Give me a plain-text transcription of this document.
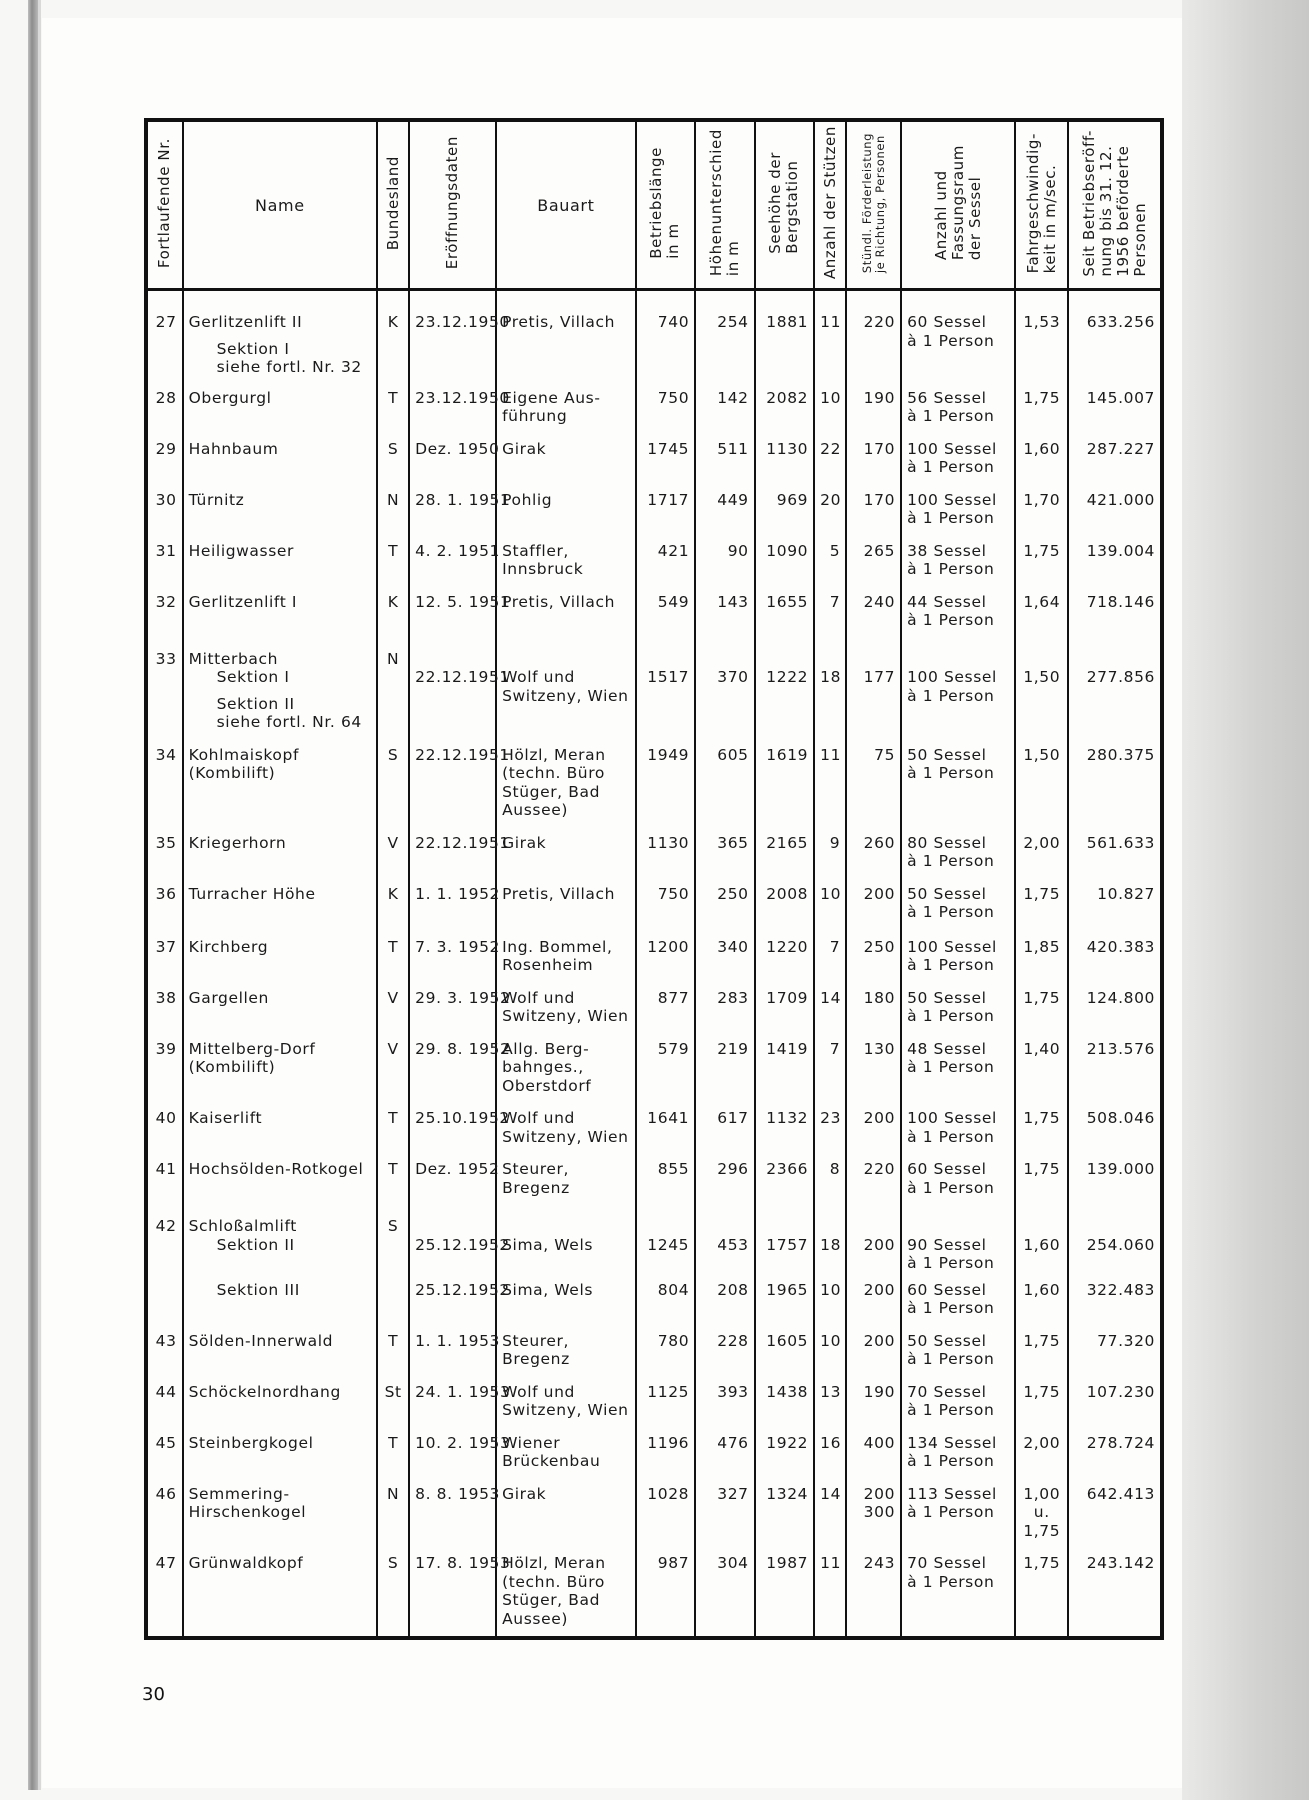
Fortlaufende Nr.	Name	Bundesland	Eröffnungsdaten	Bauart	Betriebslänge
in m	Höhenunterschied
in m	Seehöhe der
Bergstation	Anzahl der Stützen	Stündl. Förderleistung
je Richtung, Personen	Anzahl und
Fassungsraum
der Sessel	Fahrgeschwindig-
keit in m/sec.	Seit Betriebseröff-
nung bis 31. 12.
1956 beförderte
Personen

27	Gerlitzenlift II
Sektion I
siehe fortl. Nr. 32	K	23.12.1950	Pretis, Villach	740	254	1881	11	220	60 Sessel
à 1 Person	1,53	633.256

28	Obergurgl	T	23.12.1950	Eigene Aus-
führung	750	142	2082	10	190	56 Sessel
à 1 Person	1,75	145.007

29	Hahnbaum	S	Dez. 1950	Girak	1745	511	1130	22	170	100 Sessel
à 1 Person	1,60	287.227

30	Türnitz	N	28. 1. 1951	Pohlig	1717	449	969	20	170	100 Sessel
à 1 Person	1,70	421.000

31	Heiligwasser	T	4. 2. 1951	Staffler,
Innsbruck	421	90	1090	5	265	38 Sessel
à 1 Person	1,75	139.004

32	Gerlitzenlift I	K	12. 5. 1951	Pretis, Villach	549	143	1655	7	240	44 Sessel
à 1 Person	1,64	718.146

33	Mitterbach
Sektion I
Sektion II
siehe fortl. Nr. 64	N	22.12.1951	Wolf und
Switzeny, Wien	1517	370	1222	18	177	100 Sessel
à 1 Person	1,50	277.856

34	Kohlmaiskopf
(Kombilift)	S	22.12.1951	Hölzl, Meran
(techn. Büro
Stüger, Bad
Aussee)	1949	605	1619	11	75	50 Sessel
à 1 Person	1,50	280.375

35	Kriegerhorn	V	22.12.1951	Girak	1130	365	2165	9	260	80 Sessel
à 1 Person	2,00	561.633

36	Turracher Höhe	K	1. 1. 1952	Pretis, Villach	750	250	2008	10	200	50 Sessel
à 1 Person	1,75	10.827

37	Kirchberg	T	7. 3. 1952	Ing. Bommel,
Rosenheim	1200	340	1220	7	250	100 Sessel
à 1 Person	1,85	420.383

38	Gargellen	V	29. 3. 1952	Wolf und
Switzeny, Wien	877	283	1709	14	180	50 Sessel
à 1 Person	1,75	124.800

39	Mittelberg-Dorf
(Kombilift)	V	29. 8. 1952	Allg. Berg-
bahnges.,
Oberstdorf	579	219	1419	7	130	48 Sessel
à 1 Person	1,40	213.576

40	Kaiserlift	T	25.10.1952	Wolf und
Switzeny, Wien	1641	617	1132	23	200	100 Sessel
à 1 Person	1,75	508.046

41	Hochsölden-Rotkogel	T	Dez. 1952	Steurer,
Bregenz	855	296	2366	8	220	60 Sessel
à 1 Person	1,75	139.000

42	Schloßalmlift
Sektion II	S	25.12.1952	Sima, Wels	1245	453	1757	18	200	90 Sessel
à 1 Person	1,60	254.060

	Sektion III		25.12.1952	Sima, Wels	804	208	1965	10	200	60 Sessel
à 1 Person	1,60	322.483

43	Sölden-Innerwald	T	1. 1. 1953	Steurer,
Bregenz	780	228	1605	10	200	50 Sessel
à 1 Person	1,75	77.320

44	Schöckelnordhang	St	24. 1. 1953	Wolf und
Switzeny, Wien	1125	393	1438	13	190	70 Sessel
à 1 Person	1,75	107.230

45	Steinbergkogel	T	10. 2. 1953	Wiener
Brückenbau	1196	476	1922	16	400	134 Sessel
à 1 Person	2,00	278.724

46	Semmering-
Hirschenkogel	N	8. 8. 1953	Girak	1028	327	1324	14	200
300	113 Sessel
à 1 Person	1,00
u.
1,75	642.413

47	Grünwaldkopf	S	17. 8. 1953	Hölzl, Meran
(techn. Büro
Stüger, Bad
Aussee)	987	304	1987	11	243	70 Sessel
à 1 Person	1,75	243.142
30
